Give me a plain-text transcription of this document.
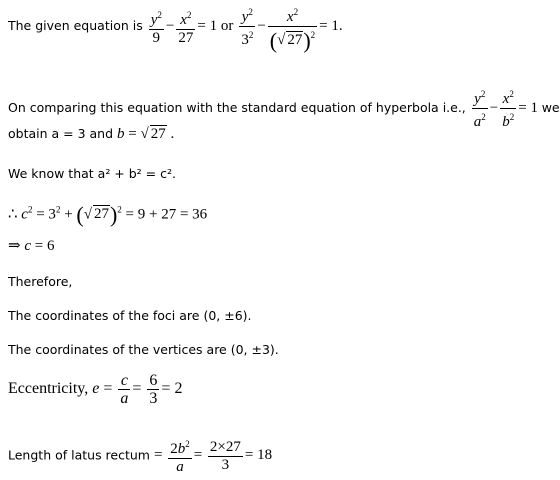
The given equation is $\frac{y^2}{9} - \frac{x^2}{27} = 1$ or $\frac{y^2}{3^2} - \frac{x^2}{(√ 27)^2} = 1$.
On comparing this equation with the standard equation of hyperbola i.e., $\frac{y^2}{a^2} - \frac{x^2}{b^2} = 1$ we
obtain a = 3 and b = √ 27 .
We know that a² + b² = c².
∴ $c^2 = 3^2$ + (√ 27)$^2$ = 9 + 27 = 36
⇒ c = 6
Therefore,
The coordinates of the foci are (0, ±6).
The coordinates of the vertices are (0, ±3).
Eccentricity, $e = \frac{c}{a} = \frac{6}{3} = 2$
Length of latus rectum = $\frac{2b^2}{a} = \frac{2\times 27}{3} = 18$
